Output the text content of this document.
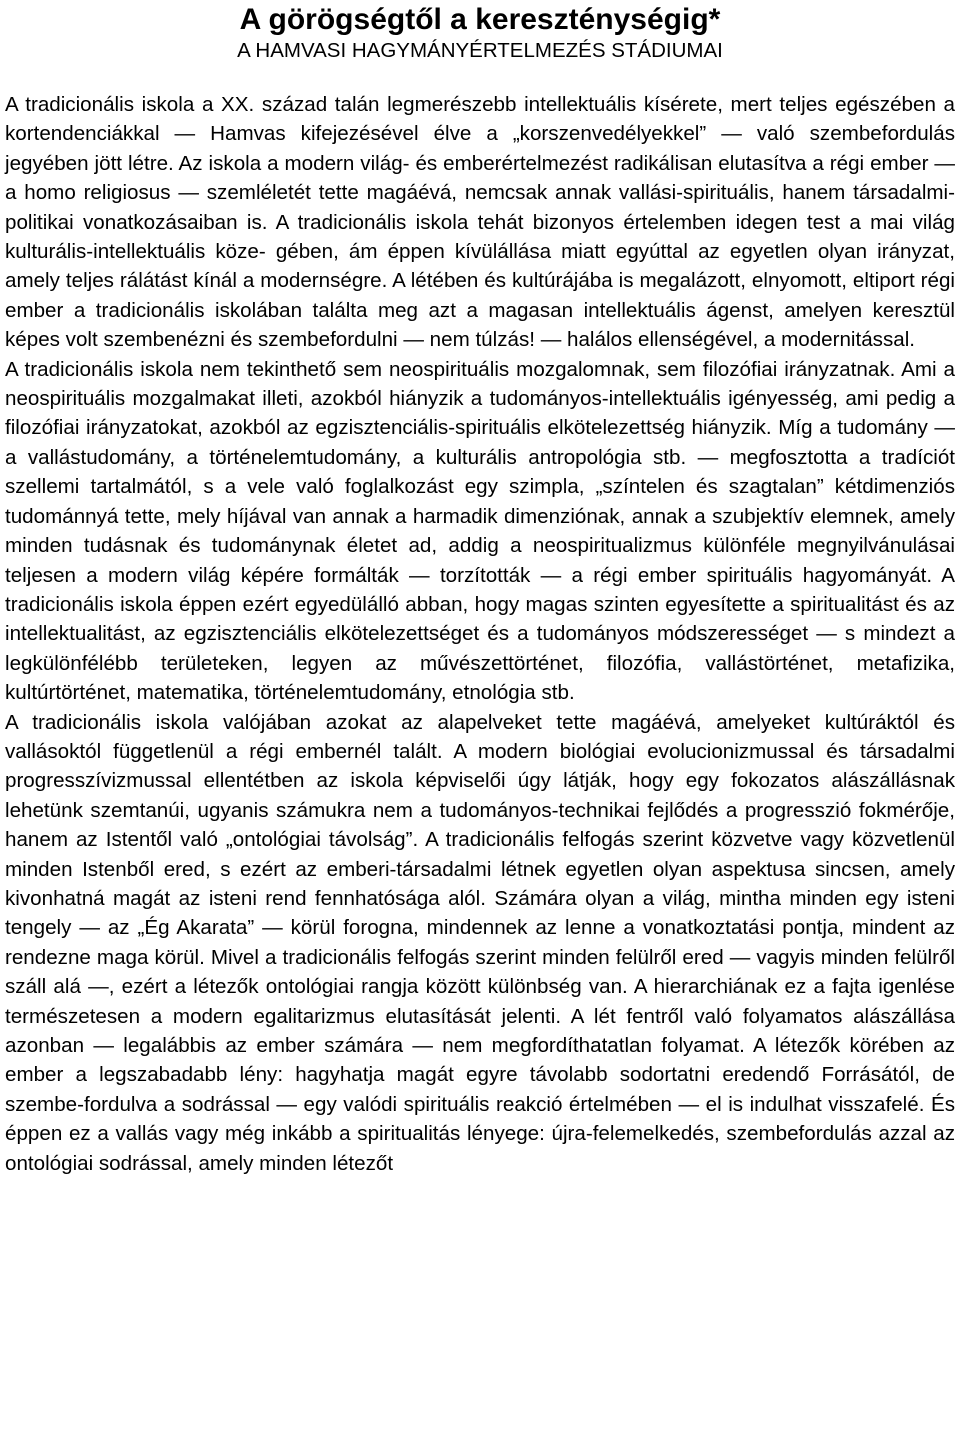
A görögségtől a kereszténységig*
A HAMVASI HAGYMÁNYÉRTELMEZÉS STÁDIUMAI

A tradicionális iskola a XX. század talán legmerészebb intellektuális kísérete, mert teljes egészében a kortendenciákkal — Hamvas kifejezésével élve a „korszenvedélyekkel” — való szembefordulás jegyében jött létre. Az iskola a modern világ- és emberértelmezést radikálisan elutasítva a régi ember — a homo religiosus — szemléletét tette magáévá, nemcsak annak vallási-spirituális, hanem társadalmi-politikai vonatkozásaiban is. A tradicionális iskola tehát bizonyos értelemben idegen test a mai világ kulturális-intellektuális köze- gében, ám éppen kívülállása miatt egyúttal az egyetlen olyan irányzat, amely teljes rálátást kínál a modernségre. A létében és kultúrájába is megalázott, elnyomott, eltiport régi ember a tradicionális iskolában találta meg azt a magasan intellektuális ágenst, amelyen keresztül képes volt szembenézni és szembefordulni — nem túlzás! — halálos ellenségével, a modernitással.

A tradicionális iskola nem tekinthető sem neospirituális mozgalomnak, sem filozófiai irányzatnak. Ami a neospirituális mozgalmakat illeti, azokból hiányzik a tudományos-intellektuális igényesség, ami pedig a filozófiai irányzatokat, azokból az egzisztenciális-spirituális elkötelezettség hiányzik. Míg a tudomány — a vallástudomány, a történelemtudomány, a kulturális antropológia stb. — megfosztotta a tradíciót szellemi tartalmától, s a vele való foglalkozást egy szimpla, „színtelen és szagtalan” kétdimenziós tudománnyá tette, mely híjával van annak a harmadik dimenziónak, annak a szubjektív elemnek, amely minden tudásnak és tudománynak életet ad, addig a neospiritualizmus különféle megnyilvánulásai teljesen a modern világ képére formálták — torzították — a régi ember spirituális hagyományát. A tradicionális iskola éppen ezért egyedülálló abban, hogy magas szinten egyesítette a spiritualitást és az intellektualitást, az egzisztenciális elkötelezettséget és a tudományos módszerességet — s mindezt a legkülönfélébb területeken, legyen az művészettörténet, filozófia, vallástörténet, metafizika, kultúrtörténet, matematika, történelemtudomány, etnológia stb.

A tradicionális iskola valójában azokat az alapelveket tette magáévá, amelyeket kultúráktól és vallásoktól függetlenül a régi embernél talált. A modern biológiai evolucionizmussal és társadalmi progresszívizmussal ellentétben az iskola képviselői úgy látják, hogy egy fokozatos alászállásnak lehetünk szemtanúi, ugyanis számukra nem a tudományos-technikai fejlődés a progresszió fokmérője, hanem az Istentől való „ontológiai távolság”. A tradicionális felfogás szerint közvetve vagy közvetlenül minden Istenből ered, s ezért az emberi-társadalmi létnek egyetlen olyan aspektusa sincsen, amely kivonhatná magát az isteni rend fennhatósága alól. Számára olyan a világ, mintha minden egy isteni tengely — az „Ég Akarata” — körül forogna, mindennek az lenne a vonatkoztatási pontja, mindent az rendezne maga körül. Mivel a tradicionális felfogás szerint minden felülről ered — vagyis minden felülről száll alá —, ezért a létezők ontológiai rangja között különbség van. A hierarchiának ez a fajta igenlése természetesen a modern egalitarizmus elutasítását jelenti. A lét fentről való folyamatos alászállása azonban — legalábbis az ember számára — nem megfordíthatatlan folyamat. A létezők körében az ember a legszabadabb lény: hagyhatja magát egyre távolabb sodortatni eredendő Forrásától, de szembe-fordulva a sodrással — egy valódi spirituális reakció értelmében — el is indulhat visszafelé. És éppen ez a vallás vagy még inkább a spiritualitás lényege: újra-felemelkedés, szembefordulás azzal az ontológiai sodrással, amely minden létezőt
